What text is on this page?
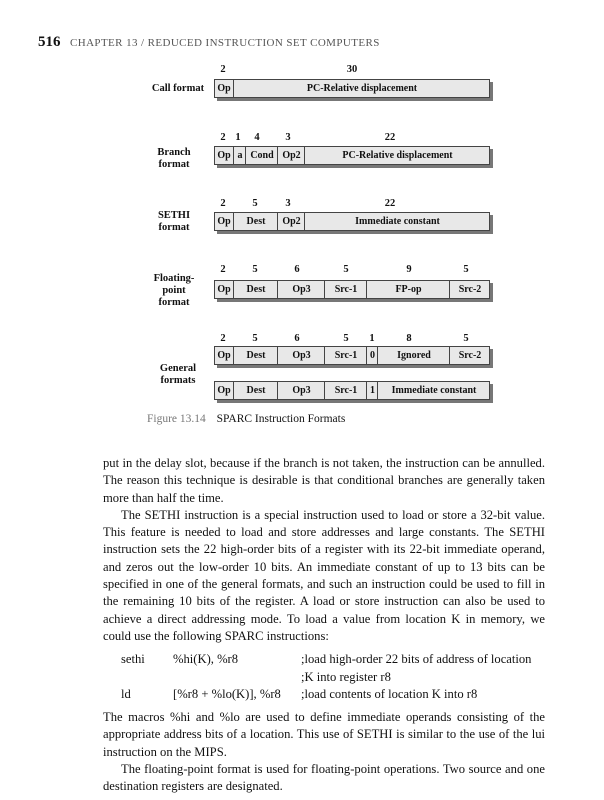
516 CHAPTER 13 / REDUCED INSTRUCTION SET COMPUTERS
Call format
2	30
Op	PC-Relative displacement
Branch format
2 1 4 3	22
Op a Cond Op2	PC-Relative displacement
SETHI format
2	5	3	22
Op	Dest	Op2	Immediate constant
Floating-point format
2	5	6	5	9	5
Op	Dest	Op3	Src-1	FP-op	Src-2
General formats
2	5	6	5 1	8	5
Op	Dest	Op3	Src-1	0	Ignored	Src-2
Op	Dest	Op3	Src-1	1	Immediate constant
Figure 13.14 SPARC Instruction Formats

put in the delay slot, because if the branch is not taken, the instruction can be annulled. The reason this technique is desirable is that conditional branches are generally taken more than half the time.

The SETHI instruction is a special instruction used to load or store a 32-bit value. This feature is needed to load and store addresses and large constants. The SETHI instruction sets the 22 high-order bits of a register with its 22-bit immediate operand, and zeros out the low-order 10 bits. An immediate constant of up to 13 bits can be specified in one of the general formats, and such an instruction could be used to fill in the remaining 10 bits of the register. A load or store instruction can also be used to achieve a direct addressing mode. To load a value from location K in memory, we could use the following SPARC instructions:

sethi	%hi(K), %r8	;load high-order 22 bits of address of location
;K into register r8
ld	[%r8 + %lo(K)], %r8	;load contents of location K into r8

The macros %hi and %lo are used to define immediate operands consisting of the appropriate address bits of a location. This use of SETHI is similar to the use of the lui instruction on the MIPS.

The floating-point format is used for floating-point operations. Two source and one destination registers are designated.
